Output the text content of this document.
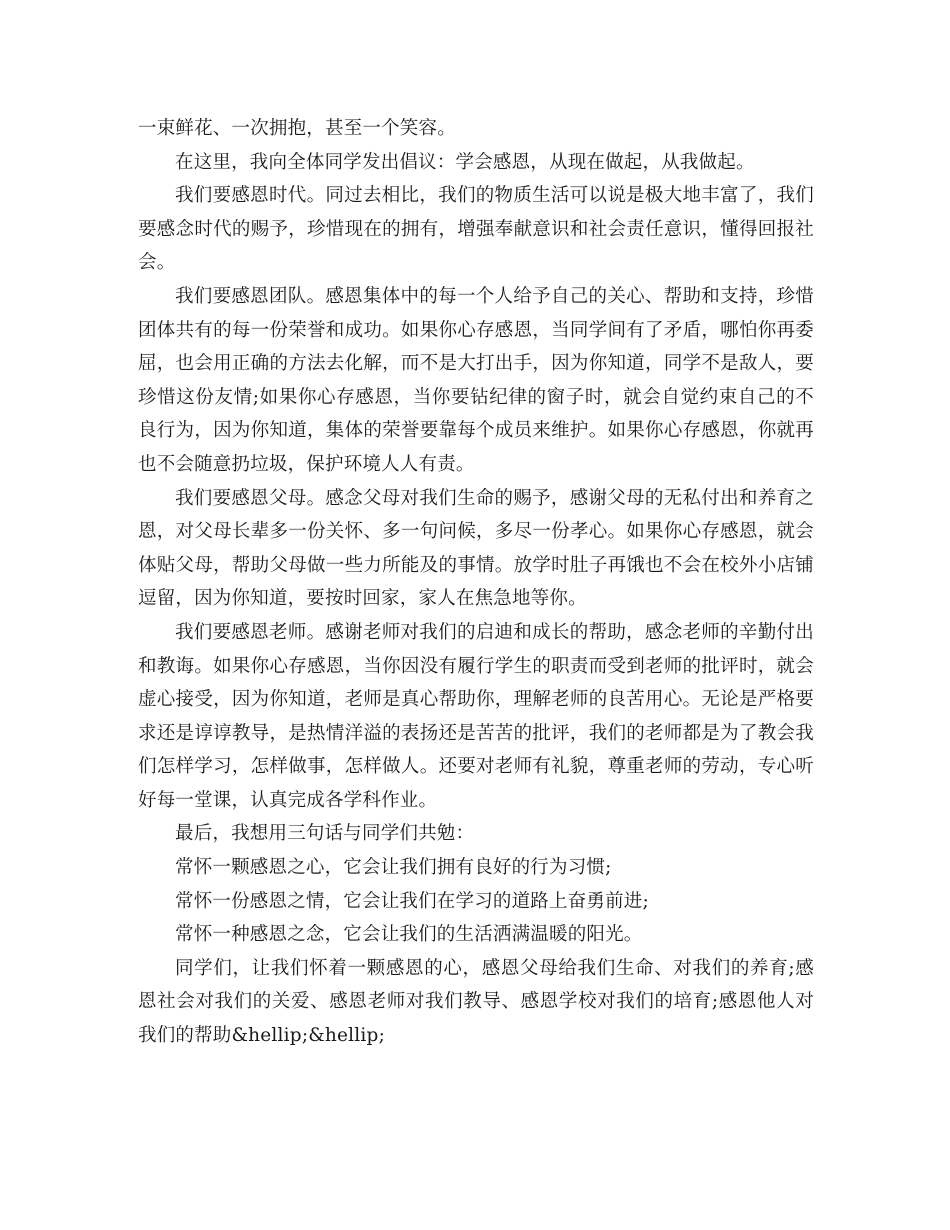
一束鲜花、一次拥抱，甚至一个笑容。

在这里，我向全体同学发出倡议：学会感恩，从现在做起，从我做起。

我们要感恩时代。同过去相比，我们的物质生活可以说是极大地丰富了，我们要感念时代的赐予，珍惜现在的拥有，增强奉献意识和社会责任意识，懂得回报社会。

我们要感恩团队。感恩集体中的每一个人给予自己的关心、帮助和支持，珍惜团体共有的每一份荣誉和成功。如果你心存感恩，当同学间有了矛盾，哪怕你再委屈，也会用正确的方法去化解，而不是大打出手，因为你知道，同学不是敌人，要珍惜这份友情;如果你心存感恩，当你要钻纪律的窗子时，就会自觉约束自己的不良行为，因为你知道，集体的荣誉要靠每个成员来维护。如果你心存感恩，你就再也不会随意扔垃圾，保护环境人人有责。

我们要感恩父母。感念父母对我们生命的赐予，感谢父母的无私付出和养育之恩，对父母长辈多一份关怀、多一句问候，多尽一份孝心。如果你心存感恩，就会体贴父母，帮助父母做一些力所能及的事情。放学时肚子再饿也不会在校外小店铺逗留，因为你知道，要按时回家，家人在焦急地等你。

我们要感恩老师。感谢老师对我们的启迪和成长的帮助，感念老师的辛勤付出和教诲。如果你心存感恩，当你因没有履行学生的职责而受到老师的批评时，就会虚心接受，因为你知道，老师是真心帮助你，理解老师的良苦用心。无论是严格要求还是谆谆教导，是热情洋溢的表扬还是苦苦的批评，我们的老师都是为了教会我们怎样学习，怎样做事，怎样做人。还要对老师有礼貌，尊重老师的劳动，专心听好每一堂课，认真完成各学科作业。

最后，我想用三句话与同学们共勉：

常怀一颗感恩之心，它会让我们拥有良好的行为习惯;

常怀一份感恩之情，它会让我们在学习的道路上奋勇前进;

常怀一种感恩之念，它会让我们的生活洒满温暖的阳光。

同学们，让我们怀着一颗感恩的心，感恩父母给我们生命、对我们的养育;感恩社会对我们的关爱、感恩老师对我们教导、感恩学校对我们的培育;感恩他人对我们的帮助&hellip;&hellip;
